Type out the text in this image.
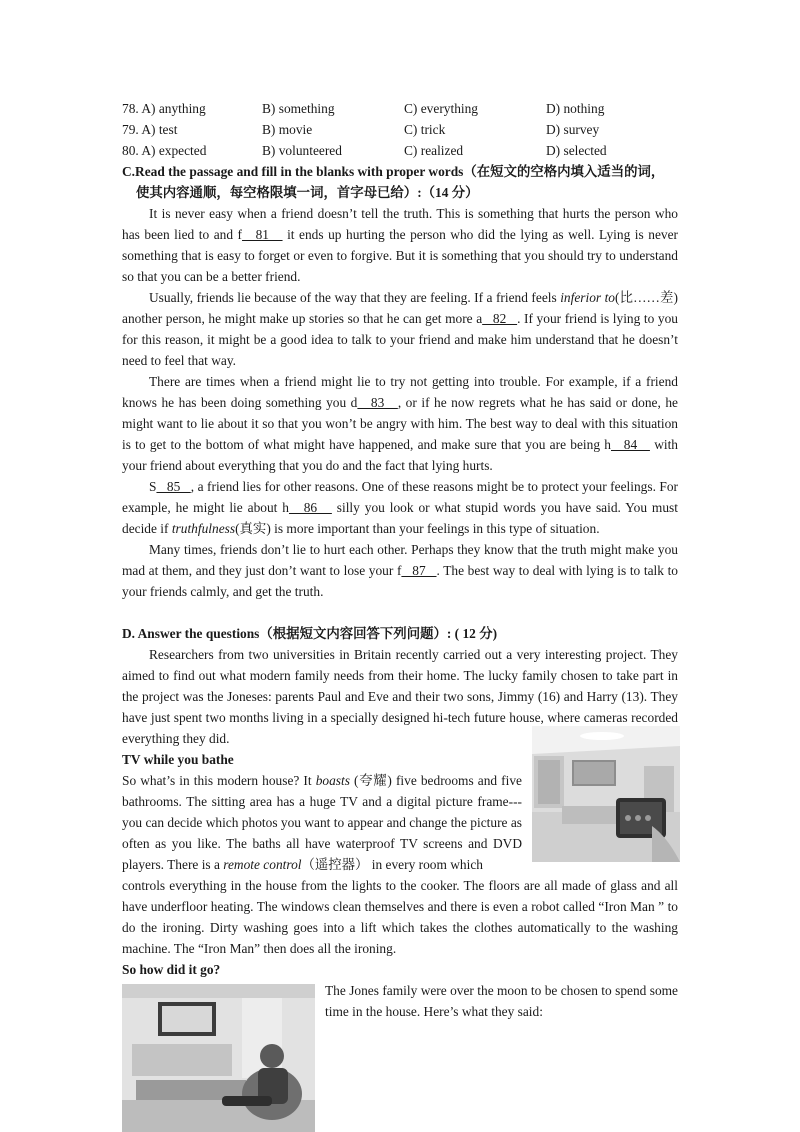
78. A) anything	B) something	C) everything	D) nothing
79. A) test	B) movie	C) trick	D) survey
80. A) expected	B) volunteered	C) realized	D) selected
C.Read the passage and fill in the blanks with proper words（在短文的空格内填入适当的词，
使其内容通顺，每空格限填一词，首字母已给）:（14 分）

It is never easy when a friend doesn’t tell the truth. This is something that hurts the person who has been lied to and f   81    it ends up hurting the person who did the lying as well. Lying is never something that is easy to forget or even to forgive. But it is something that you should try to understand so that you can be a better friend.

Usually, friends lie because of the way that they are feeling. If a friend feels inferior to(比……差) another person, he might make up stories so that he can get more a   82   . If your friend is lying to you for this reason, it might be a good idea to talk to your friend and make him understand that he doesn’t need to feel that way.

There are times when a friend might lie to try not getting into trouble. For example, if a friend knows he has been doing something you d   83   , or if he now regrets what he has said or done, he might want to lie about it so that you won’t be angry with him. The best way to deal with this situation is to get to the bottom of what might have happened, and make sure that you are being h   84    with your friend about everything that you do and the fact that lying hurts.

S   85   , a friend lies for other reasons. One of these reasons might be to protect your feelings. For example, he might lie about h   86    silly you look or what stupid words you have said. You must decide if truthfulness(真实) is more important than your feelings in this type of situation.

Many times, friends don’t lie to hurt each other. Perhaps they know that the truth might make you mad at them, and they just don’t want to lose your f   87   . The best way to deal with lying is to talk to your friends calmly, and get the truth.

D. Answer the questions（根据短文内容回答下列问题）: ( 12 分)

Researchers from two universities in Britain recently carried out a very interesting project. They aimed to find out what modern family needs from their home. The lucky family chosen to take part in the project was the Joneses: parents Paul and Eve and their two sons, Jimmy (16) and Harry (13). They have just spent two months living in a specially designed hi-tech future house, where cameras recorded everything they did.

TV while you bathe

So what’s in this modern house? It boasts (夸耀) five bedrooms and five bathrooms. The sitting area has a huge TV and a digital picture frame---you can decide which photos you want to appear and change the picture as often as you like. The baths all have waterproof TV screens and DVD players. There is a remote control（遥控器） in every room which

controls everything in the house from the lights to the cooker. The floors are all made of glass and all have underfloor heating. The windows clean themselves and there is even a robot called “Iron Man ” to do the ironing. Dirty washing goes into a lift which takes the clothes automatically to the washing machine. The “Iron Man” then does all the ironing.

So how did it go?

The Jones family were over the moon to be chosen to spend some time in the house. Here’s what they said:
